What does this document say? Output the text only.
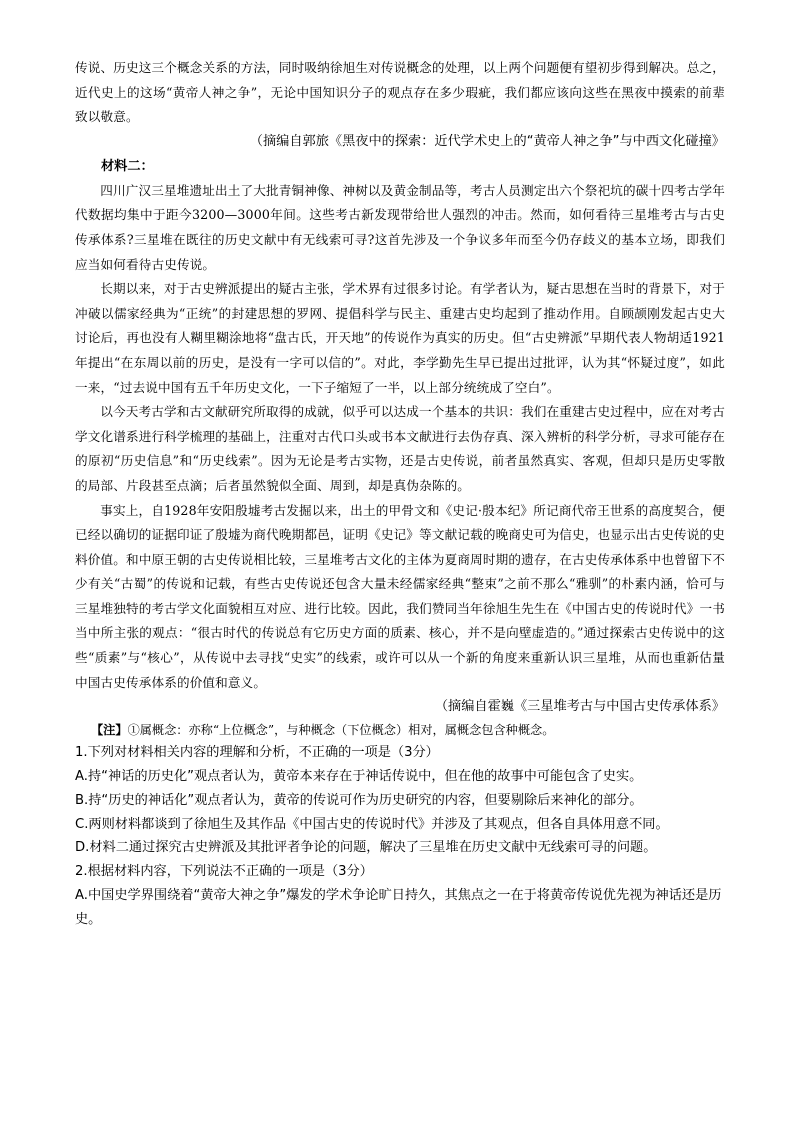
传说、历史这三个概念关系的方法，同时吸纳徐旭生对传说概念的处理，以上两个问题便有望初步得到解决。总之，近代史上的这场“黄帝人神之争”，无论中国知识分子的观点存在多少瑕疵，我们都应该向这些在黑夜中摸索的前辈致以敬意。

（摘编自郭旅《黑夜中的探索：近代学术史上的“黄帝人神之争”与中西文化碰撞》

材料二：

四川广汉三星堆遗址出土了大批青铜神像、神树以及黄金制品等，考古人员测定出六个祭祀坑的碳十四考古学年代数据均集中于距今3200—3000年间。这些考古新发现带给世人强烈的冲击。然而，如何看待三星堆考古与古史传承体系?三星堆在既往的历史文献中有无线索可寻?这首先涉及一个争议多年而至今仍存歧义的基本立场，即我们应当如何看待古史传说。

长期以来，对于古史辨派提出的疑古主张，学术界有过很多讨论。有学者认为，疑古思想在当时的背景下，对于冲破以儒家经典为“正统”的封建思想的罗网、提倡科学与民主、重建古史均起到了推动作用。自顾颉刚发起古史大讨论后，再也没有人糊里糊涂地将“盘古氏，开天地”的传说作为真实的历史。但“古史辨派”早期代表人物胡适1921年提出“在东周以前的历史，是没有一字可以信的”。对此，李学勤先生早已提出过批评，认为其“怀疑过度”，如此一来，“过去说中国有五千年历史文化，一下子缩短了一半，以上部分统统成了空白”。

以今天考古学和古文献研究所取得的成就，似乎可以达成一个基本的共识：我们在重建古史过程中，应在对考古学文化谱系进行科学梳理的基础上，注重对古代口头或书本文献进行去伪存真、深入辨析的科学分析，寻求可能存在的原初“历史信息”和“历史线索”。因为无论是考古实物，还是古史传说，前者虽然真实、客观，但却只是历史零散的局部、片段甚至点滴；后者虽然貌似全面、周到，却是真伪杂陈的。

事实上，自1928年安阳殷墟考古发掘以来，出土的甲骨文和《史记·殷本纪》所记商代帝王世系的高度契合，便已经以确切的证据印证了殷墟为商代晚期都邑，证明《史记》等文献记载的晚商史可为信史，也显示出古史传说的史料价值。和中原王朝的古史传说相比较，三星堆考古文化的主体为夏商周时期的遗存，在古史传承体系中也曾留下不少有关“古蜀”的传说和记载，有些古史传说还包含大量未经儒家经典“整束”之前不那么“雅驯”的朴素内涵，恰可与三星堆独特的考古学文化面貌相互对应、进行比较。因此，我们赞同当年徐旭生先生在《中国古史的传说时代》一书当中所主张的观点：“很古时代的传说总有它历史方面的质素、核心，并不是向壁虚造的。”通过探索古史传说中的这些“质素”与“核心”，从传说中去寻找“史实”的线索，或许可以从一个新的角度来重新认识三星堆，从而也重新估量中国古史传承体系的价值和意义。

（摘编自霍巍《三星堆考古与中国古史传承体系》

【注】①属概念：亦称“上位概念”，与种概念（下位概念）相对，属概念包含种概念。

1.下列对材料相关内容的理解和分析，不正确的一项是（3分）

A.持“神话的历史化”观点者认为，黄帝本来存在于神话传说中，但在他的故事中可能包含了史实。

B.持“历史的神话化”观点者认为，黄帝的传说可作为历史研究的内容，但要剔除后来神化的部分。

C.两则材料都谈到了徐旭生及其作品《中国古史的传说时代》并涉及了其观点，但各自具体用意不同。

D.材料二通过探究古史辨派及其批评者争论的问题，解决了三星堆在历史文献中无线索可寻的问题。

2.根据材料内容，下列说法不正确的一项是（3分）

A.中国史学界围绕着“黄帝大神之争”爆发的学术争论旷日持久，其焦点之一在于将黄帝传说优先视为神话还是历史。
